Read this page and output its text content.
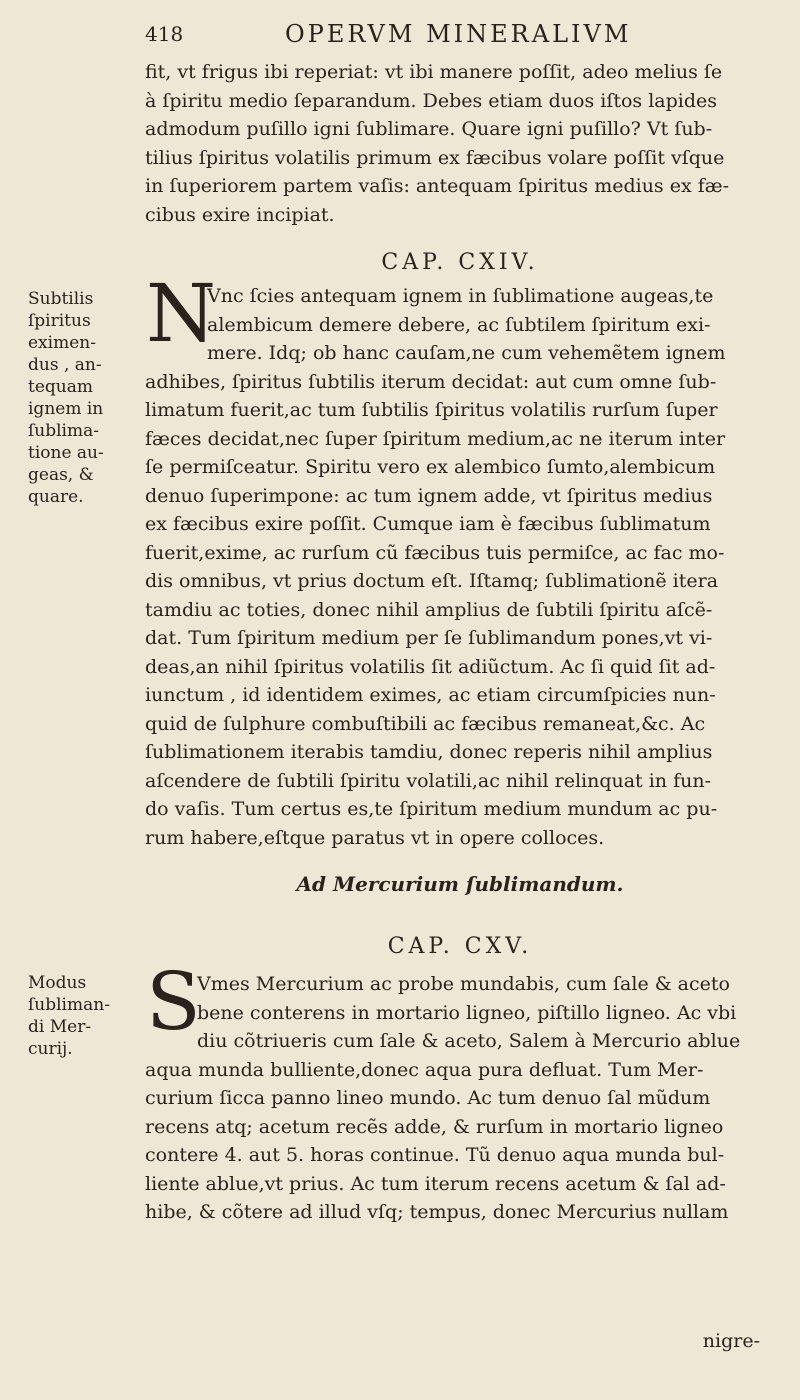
418	OPERVM MINERALIVM
fit, vt frigus ibi reperiat: vt ibi manere poſſit, adeo melius ſe
à ſpiritu medio ſeparandum. Debes etiam duos iſtos lapides
admodum puſillo igni ſublimare. Quare igni puſillo? Vt ſub-
tilius ſpiritus volatilis primum ex fæcibus volare poſſit vſque
in ſuperiorem partem vaſis: antequam ſpiritus medius ex fæ-
cibus exire incipiat.
CAP. CXIV.
Subtilis
ſpiritus
eximen-
dus , an-
tequam
ignem in
ſublima-
tione au-
geas, &
quare.
N
Vnc ſcies antequam ignem in ſublimatione augeas,te
alembicum demere debere, ac ſubtilem ſpiritum exi-
mere. Idq; ob hanc cauſam,ne cum vehemẽtem ignem
adhibes, ſpiritus ſubtilis iterum decidat: aut cum omne ſub-
limatum fuerit,ac tum ſubtilis ſpiritus volatilis rurſum ſuper
fæces decidat,nec ſuper ſpiritum medium,ac ne iterum inter
ſe permiſceatur. Spiritu vero ex alembico ſumto,alembicum
denuo ſuperimpone: ac tum ignem adde, vt ſpiritus medius
ex fæcibus exire poſſit. Cumque iam è fæcibus ſublimatum
fuerit,exime, ac rurſum cũ fæcibus tuis permiſce, ac fac mo-
dis omnibus, vt prius doctum eſt. Iſtamq; ſublimationẽ itera
tamdiu ac toties, donec nihil amplius de ſubtili ſpiritu aſcẽ-
dat. Tum ſpiritum medium per ſe ſublimandum pones,vt vi-
deas,an nihil ſpiritus volatilis ſit adiũctum. Ac ſi quid ſit ad-
iunctum , id identidem eximes, ac etiam circumſpicies nun-
quid de ſulphure combuſtibili ac fæcibus remaneat,&c. Ac
ſublimationem iterabis tamdiu, donec reperis nihil amplius
aſcendere de ſubtili ſpiritu volatili,ac nihil relinquat in fun-
do vaſis. Tum certus es,te ſpiritum medium mundum ac pu-
rum habere,eſtque paratus vt in opere colloces.
Ad Mercurium ſublimandum.
CAP. CXV.
Modus
ſubliman-
di Mer-
curij.
S
Vmes Mercurium ac probe mundabis, cum ſale & aceto
bene conterens in mortario ligneo, piſtillo ligneo. Ac vbi
diu cõtriueris cum ſale & aceto, Salem à Mercurio ablue
aqua munda bulliente,donec aqua pura defluat. Tum Mer-
curium ſicca panno lineo mundo. Ac tum denuo ſal mũdum
recens atq; acetum recẽs adde, & rurſum in mortario ligneo
contere 4. aut 5. horas continue. Tũ denuo aqua munda bul-
liente ablue,vt prius. Ac tum iterum recens acetum & ſal ad-
hibe, & cõtere ad illud vſq; tempus, donec Mercurius nullam
nigre-
